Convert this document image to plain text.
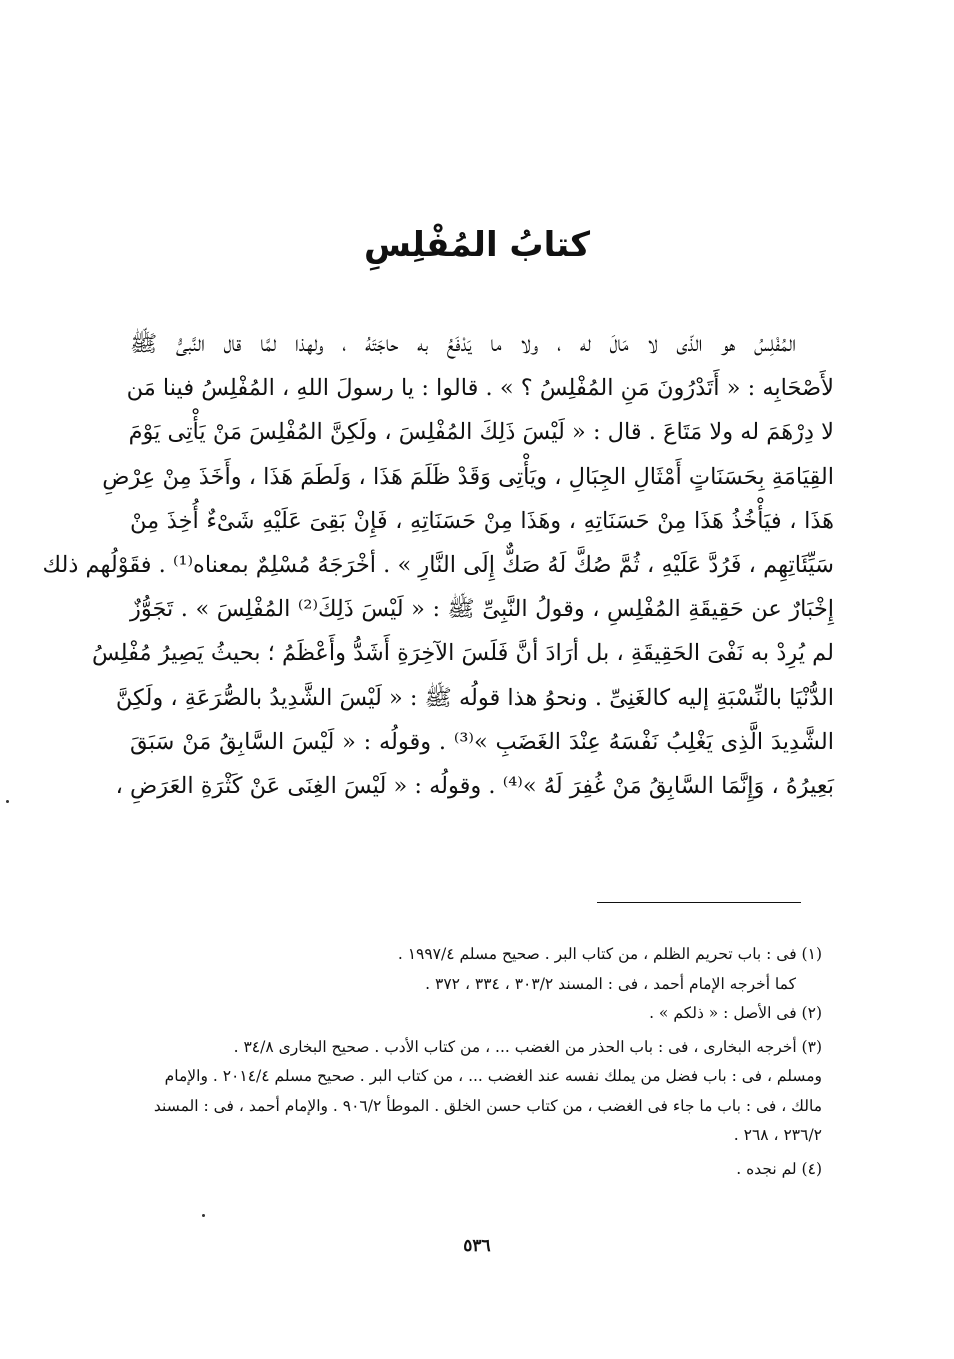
كتابُ المُفْلِسِ
المُفْلِسُ هو الذّى لا مَالَ له ، ولا ما يَدْفَعُ به حاجَتَهُ ، ولهذا لمَّا قال النَّبىُّ ﷺ
لأَصْحَابِه : « أَتَدْرُونَ مَنِ المُفْلِسُ ؟ » . قالوا : يا رسولَ اللهِ ، المُفْلِسُ فينا مَن
لا دِرْهَمَ له ولا مَتَاعَ . قال : « لَيْسَ ذَلِكَ المُفْلِسَ ، ولَكِنَّ المُفْلِسَ مَنْ يَأْتِى يَوْمَ
القِيَامَةِ بِحَسَنَاتٍ أَمْثَالِ الجِبَالِ ، ويَأْتِى وَقَدْ ظَلَمَ هَذَا ، وَلَطَمَ هَذَا ، وأَخَذَ مِنْ عِرْضِ
هَذَا ، فيَأْخُذُ هَذَا مِنْ حَسَنَاتِهِ ، وهَذَا مِنْ حَسَنَاتِهِ ، فَإِنْ بَقِىَ عَلَيْهِ شَىْءٌ أُخِذَ مِنْ
سَيِّئَاتِهِم ، فَرُدَّ عَلَيْهِ ، ثُمَّ صُكَّ لَهُ صَكٌّ إِلَى النَّارِ » . أخْرَجَهُ مُسْلِمٌ بمعناه⁽¹⁾ . فقَوْلُهم ذلك
إِخْبَارٌ عن حَقِيقَةِ المُفْلِسِ ، وقولُ النَّبِىِّ ﷺ : « لَيْسَ ذَلِكَ⁽²⁾ المُفْلِسَ » . تَجَوُّزٌ
لم يُرِدْ به نَفْىَ الحَقِيقَةِ ، بل أرَادَ أنَّ فَلَسَ الآخِرَةِ أَشَدُّ وأَعْظَمُ ؛ بحيثُ يَصِيرُ مُفْلِسُ
الدُّنْيَا بالنِّسْبَةِ إليه كالغَنِىِّ . ونحوُ هذا قولُه ﷺ : « لَيْسَ الشَّدِيدُ بالصُّرَعَةِ ، ولَكِنَّ
الشَّدِيدَ الَّذِى يَغْلِبُ نَفْسَهُ عِنْدَ الغَضَبِ »⁽³⁾ . وقولُه : « لَيْسَ السَّابِقُ مَنْ سَبَقَ
بَعِيرُهُ ، وَإِنَّمَا السَّابِقُ مَنْ غُفِرَ لَهُ »⁽⁴⁾ . وقولُه : « لَيْسَ الغِنَى عَنْ كَثْرَةِ العَرَضِ ،
(١) فى : باب تحريم الظلم ، من كتاب البر . صحيح مسلم ١٩٩٧/٤ .
كما أخرجه الإمام أحمد ، فى : المسند ٣٠٣/٢ ، ٣٣٤ ، ٣٧٢ .
(٢) فى الأصل : « ذلكم » .
(٣) أخرجه البخارى ، فى : باب الحذر من الغضب ... ، من كتاب الأدب . صحيح البخارى ٣٤/٨ .
ومسلم ، فى : باب فضل من يملك نفسه عند الغضب ... ، من كتاب البر . صحيح مسلم ٢٠١٤/٤ . والإمام
مالك ، فى : باب ما جاء فى الغضب ، من كتاب حسن الخلق . الموطأ ٩٠٦/٢ . والإمام أحمد ، فى : المسند
٢٣٦/٢ ، ٢٦٨ .
(٤) لم نجده .
٥٣٦
